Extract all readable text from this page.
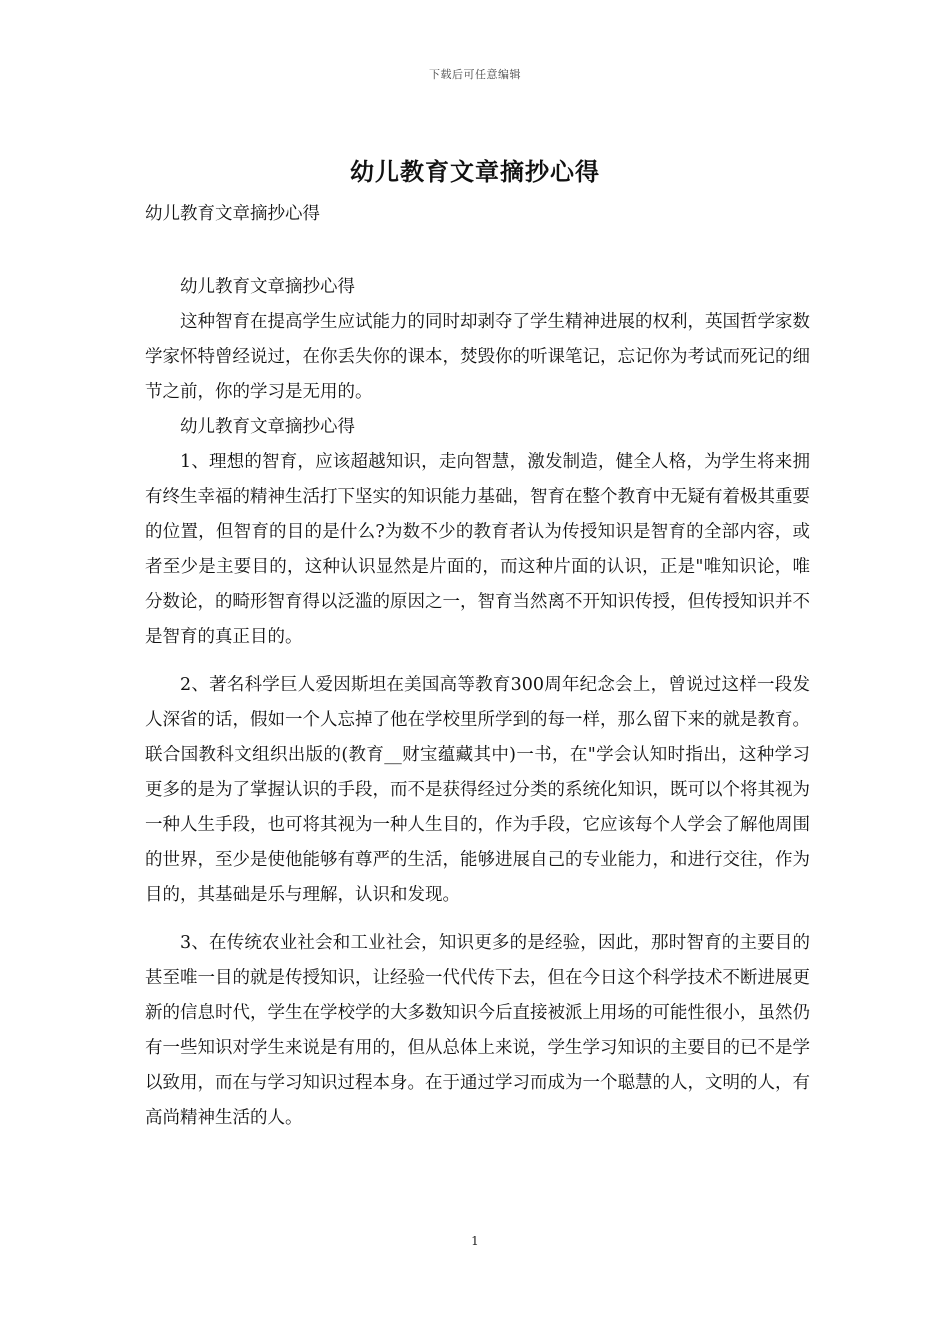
下载后可任意编辑
幼儿教育文章摘抄心得

幼儿教育文章摘抄心得

幼儿教育文章摘抄心得

这种智育在提高学生应试能力的同时却剥夺了学生精神进展的权利，英国哲学家数学家怀特曾经说过，在你丢失你的课本，焚毁你的听课笔记，忘记你为考试而死记的细节之前，你的学习是无用的。

幼儿教育文章摘抄心得

1、理想的智育，应该超越知识，走向智慧，激发制造，健全人格，为学生将来拥有终生幸福的精神生活打下坚实的知识能力基础，智育在整个教育中无疑有着极其重要的位置，但智育的目的是什么?为数不少的教育者认为传授知识是智育的全部内容，或者至少是主要目的，这种认识显然是片面的，而这种片面的认识，正是"唯知识论，唯分数论，的畸形智育得以泛滥的原因之一，智育当然离不开知识传授，但传授知识并不是智育的真正目的。

2、著名科学巨人爱因斯坦在美国高等教育300周年纪念会上，曾说过这样一段发人深省的话，假如一个人忘掉了他在学校里所学到的每一样，那么留下来的就是教育。联合国教科文组织出版的(教育__财宝蕴藏其中)一书，在"学会认知时指出，这种学习更多的是为了掌握认识的手段，而不是获得经过分类的系统化知识，既可以个将其视为一种人生手段，也可将其视为一种人生目的，作为手段，它应该每个人学会了解他周围的世界，至少是使他能够有尊严的生活，能够进展自己的专业能力，和进行交往，作为目的，其基础是乐与理解，认识和发现。

3、在传统农业社会和工业社会，知识更多的是经验，因此，那时智育的主要目的甚至唯一目的就是传授知识，让经验一代代传下去，但在今日这个科学技术不断进展更新的信息时代，学生在学校学的大多数知识今后直接被派上用场的可能性很小，虽然仍有一些知识对学生来说是有用的，但从总体上来说，学生学习知识的主要目的已不是学以致用，而在与学习知识过程本身。在于通过学习而成为一个聪慧的人，文明的人，有高尚精神生活的人。

1
